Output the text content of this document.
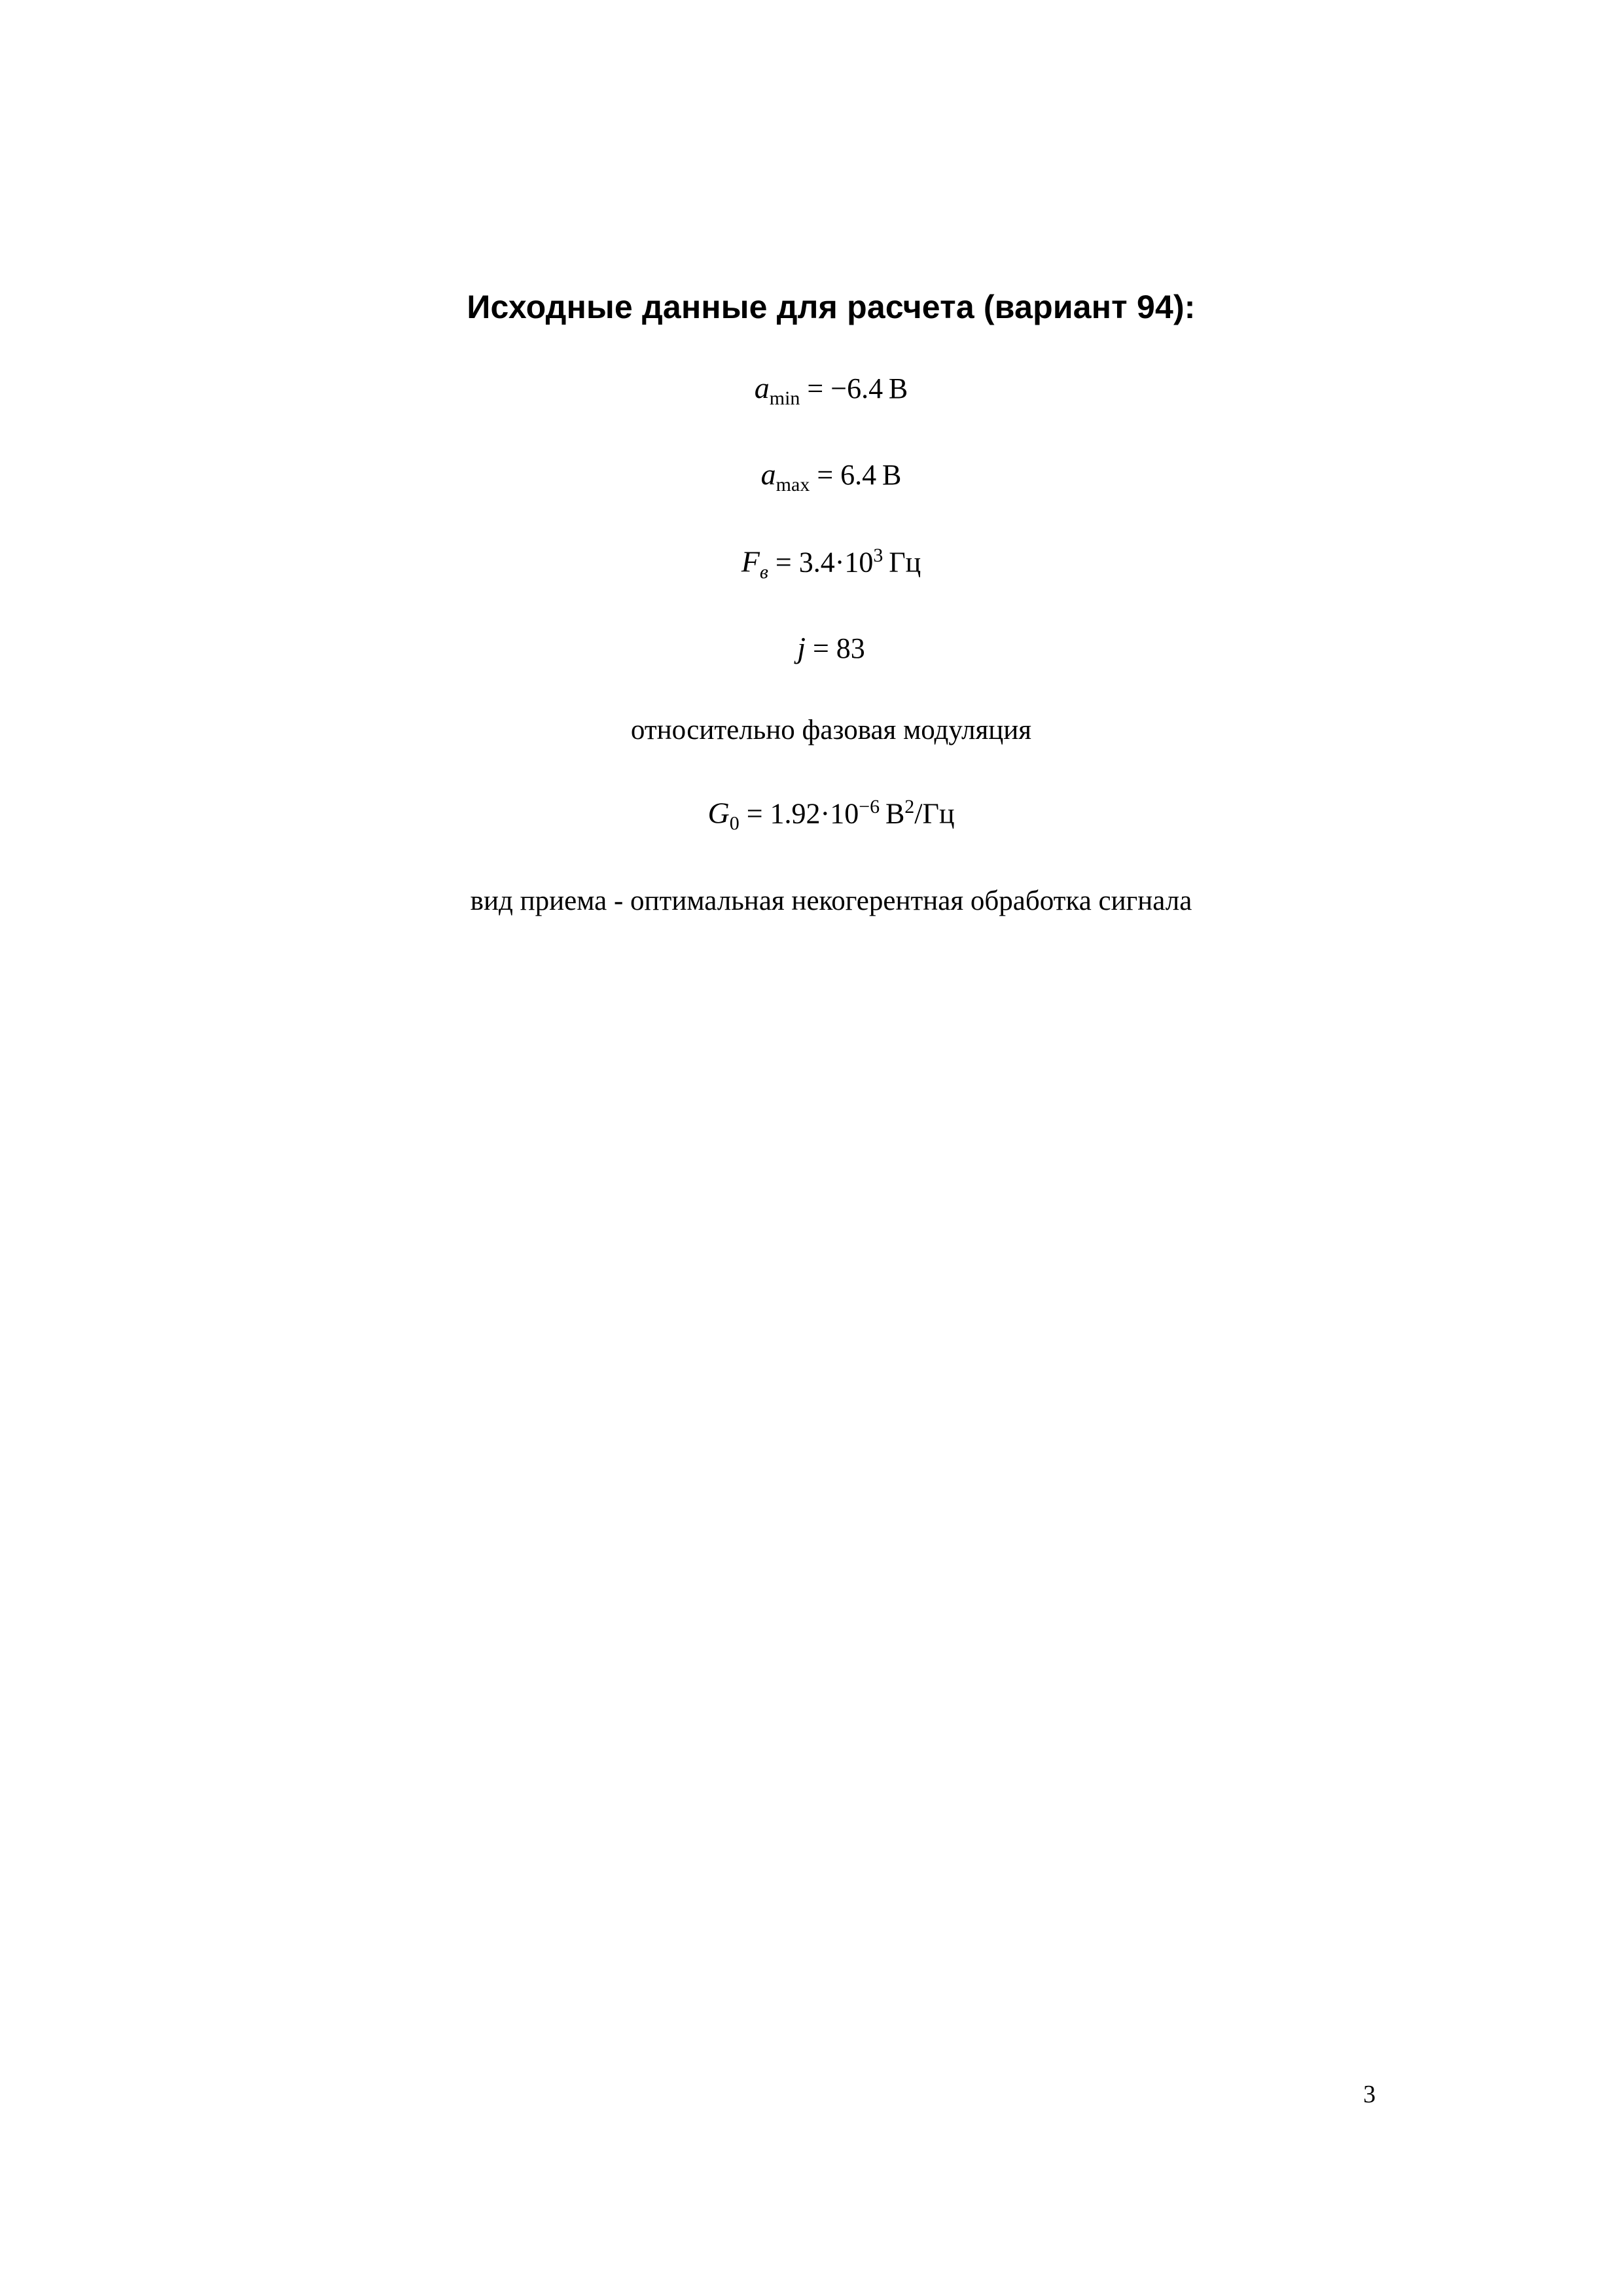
Исходные данные для расчета (вариант 94):
$a_{min} = -6.4$  В
$a_{max} = 6.4$  В
$F_в = 3.4\cdot 10^3$  Гц
j = 83

относительно фазовая модуляция

$G_0 = 1.92\cdot 10^{-6}$  $В^2/Гц$

вид приема - оптимальная некогерентная обработка сигнала

3
